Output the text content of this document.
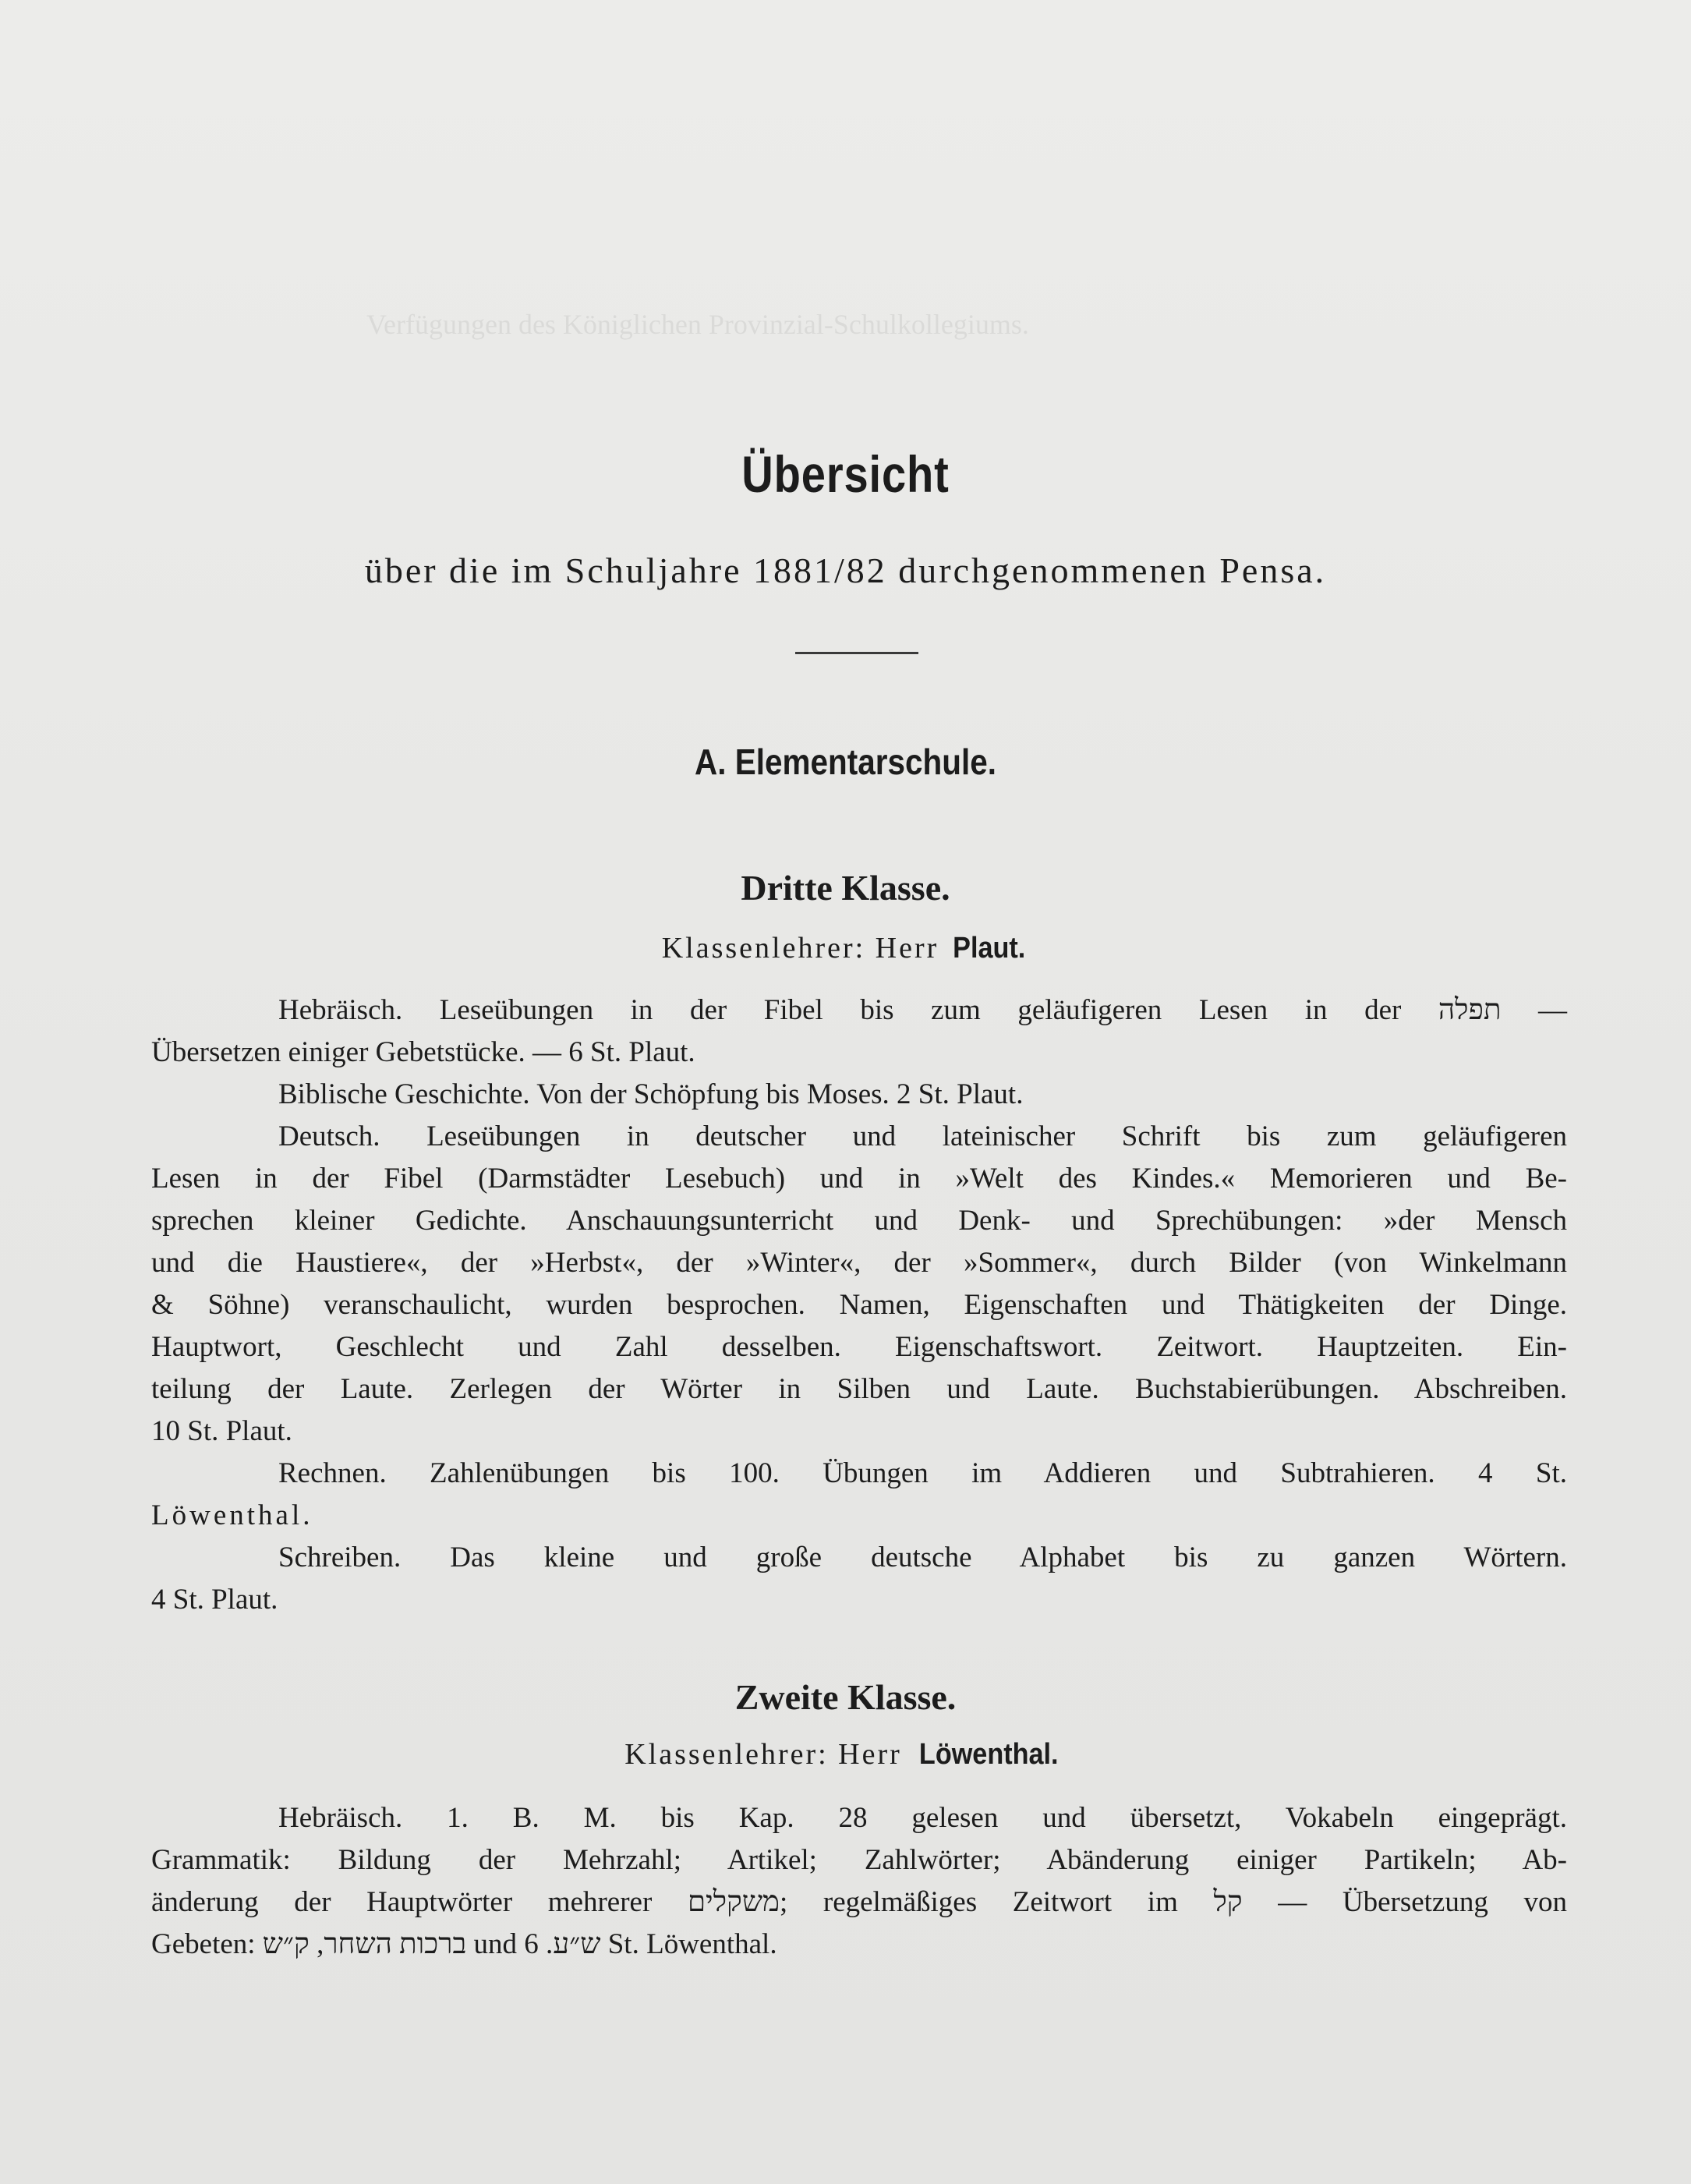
Verfügungen des Königlichen Provinzial-Schulkollegiums.
Übersicht
über die im Schuljahre 1881/82 durchgenommenen Pensa.
A. Elementarschule.
Dritte Klasse.
Klassenlehrer: Herr Plaut.
Hebräisch. Leseübungen in der Fibel bis zum geläufigeren Lesen in der תפלה —
Übersetzen einiger Gebetstücke. — 6 St. Plaut.
Biblische Geschichte. Von der Schöpfung bis Moses. 2 St. Plaut.
Deutsch. Leseübungen in deutscher und lateinischer Schrift bis zum geläufigeren
Lesen in der Fibel (Darmstädter Lesebuch) und in »Welt des Kindes.« Memorieren und Be-
sprechen kleiner Gedichte. Anschauungsunterricht und Denk- und Sprechübungen: »der Mensch
und die Haustiere«, der »Herbst«, der »Winter«, der »Sommer«, durch Bilder (von Winkelmann
& Söhne) veranschaulicht, wurden besprochen. Namen, Eigenschaften und Thätigkeiten der Dinge.
Hauptwort, Geschlecht und Zahl desselben. Eigenschaftswort. Zeitwort. Hauptzeiten. Ein-
teilung der Laute. Zerlegen der Wörter in Silben und Laute. Buchstabierübungen. Abschreiben.
10 St. Plaut.
Rechnen. Zahlenübungen bis 100. Übungen im Addieren und Subtrahieren. 4 St.
Löwenthal.
Schreiben. Das kleine und große deutsche Alphabet bis zu ganzen Wörtern.
4 St. Plaut.
Zweite Klasse.
Klassenlehrer: Herr Löwenthal.
Hebräisch. 1. B. M. bis Kap. 28 gelesen und übersetzt, Vokabeln eingeprägt.
Grammatik: Bildung der Mehrzahl; Artikel; Zahlwörter; Abänderung einiger Partikeln; Ab-
änderung der Hauptwörter mehrerer משקלים; regelmäßiges Zeitwort im קל — Übersetzung von
Gebeten: ברכות השחר, ק״ש und ש״ע. 6 St. Löwenthal.
